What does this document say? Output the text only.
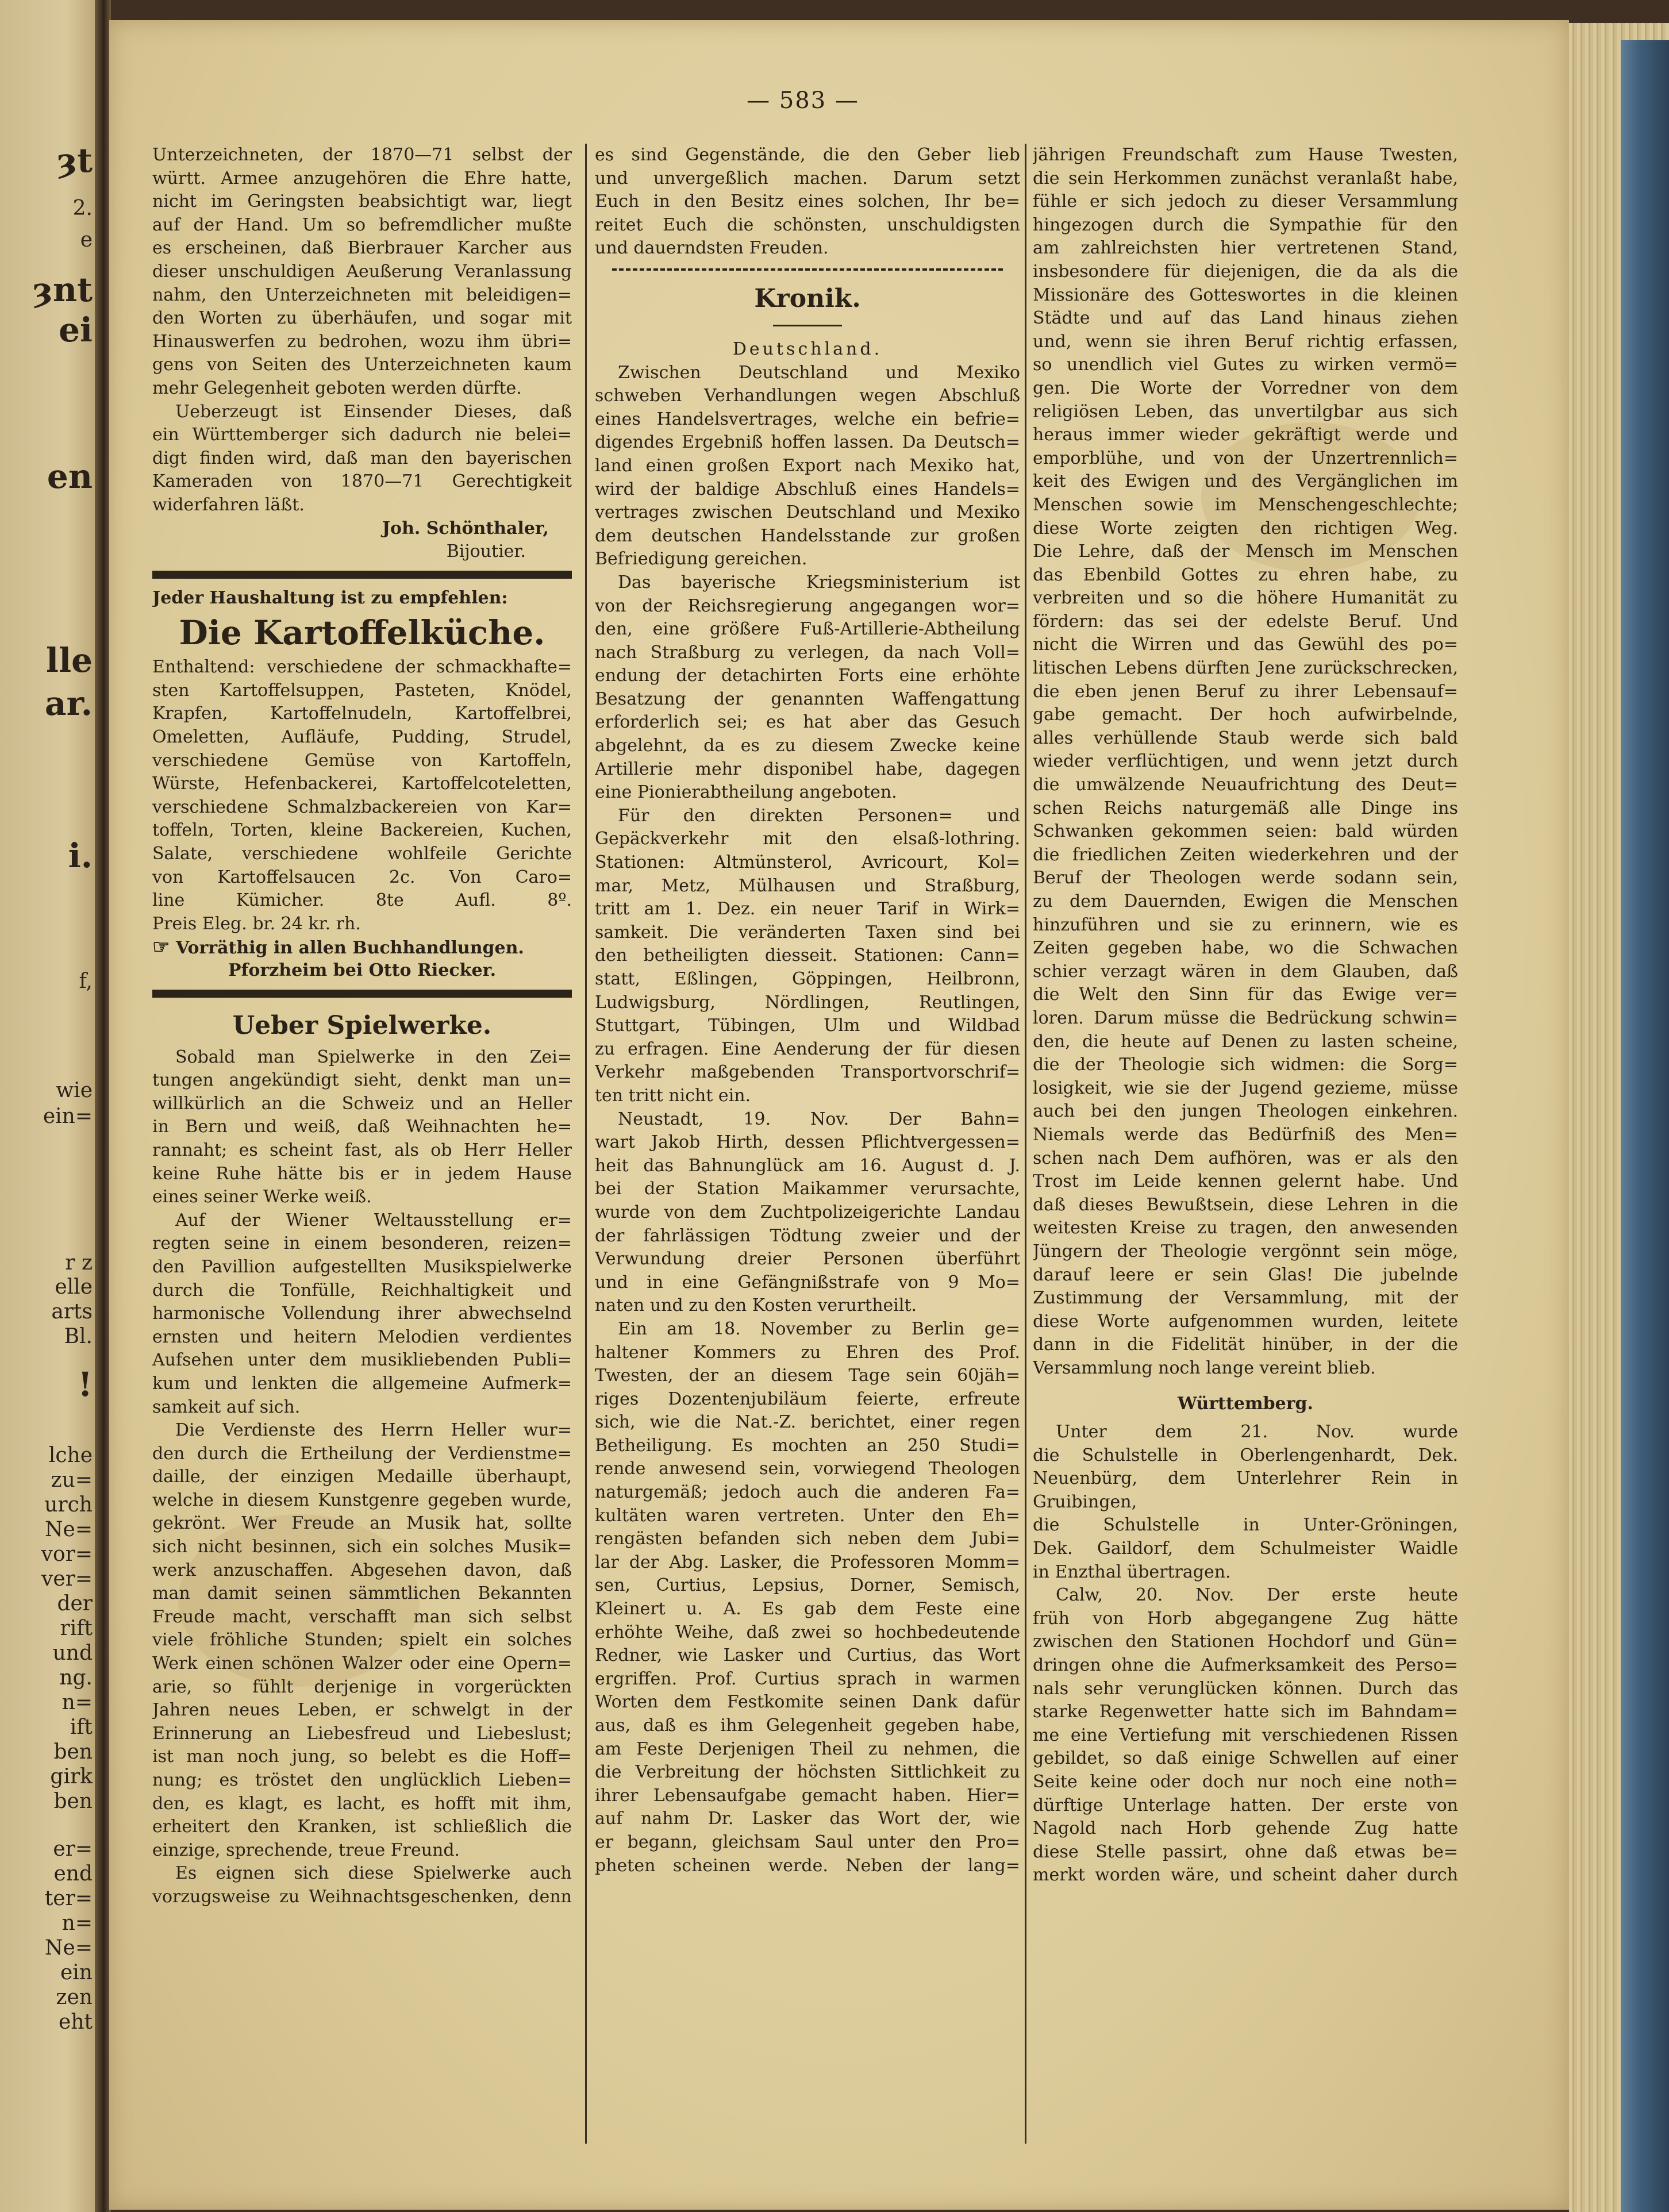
ȝt
2.
e
ȝnt
ei
en
lle
ar.
i.
f,
wie
ein=
r z
elle
arts
Bl.
!
lche
zu=
urch
Ne=
vor=
ver=
der
rift
und
ng.
n=
ift
ben
girk
ben
er=
end
ter=
n=
Ne=
ein
zen
eht
— 583 —
Unterzeichneten, der 1870—71 selbst der
württ. Armee anzugehören die Ehre hatte,
nicht im Geringsten beabsichtigt war, liegt
auf der Hand. Um so befremdlicher mußte
es erscheinen, daß Bierbrauer Karcher aus
dieser unschuldigen Aeußerung Veranlassung
nahm, den Unterzeichneten mit beleidigen=
den Worten zu überhäufen, und sogar mit
Hinauswerfen zu bedrohen, wozu ihm übri=
gens von Seiten des Unterzeichneten kaum
mehr Gelegenheit geboten werden dürfte.
Ueberzeugt ist Einsender Dieses, daß
ein Württemberger sich dadurch nie belei=
digt finden wird, daß man den bayerischen
Kameraden von 1870—71 Gerechtigkeit
widerfahren läßt.
Joh. Schönthaler,
Bijoutier.
Jeder Haushaltung ist zu empfehlen:
Die Kartoffelküche.
Enthaltend: verschiedene der schmackhafte=
sten Kartoffelsuppen, Pasteten, Knödel,
Krapfen, Kartoffelnudeln, Kartoffelbrei,
Omeletten, Aufläufe, Pudding, Strudel,
verschiedene Gemüse von Kartoffeln,
Würste, Hefenbackerei, Kartoffelcoteletten,
verschiedene Schmalzbackereien von Kar=
toffeln, Torten, kleine Backereien, Kuchen,
Salate, verschiedene wohlfeile Gerichte
von Kartoffelsaucen 2c. Von Caro=
line Kümicher. 8te Aufl. 8º.
Preis Eleg. br. 24 kr. rh.
☞ Vorräthig in allen Buchhandlungen.
Pforzheim bei Otto Riecker.
Ueber Spielwerke.
Sobald man Spielwerke in den Zei=
tungen angekündigt sieht, denkt man un=
willkürlich an die Schweiz und an Heller
in Bern und weiß, daß Weihnachten he=
rannaht; es scheint fast, als ob Herr Heller
keine Ruhe hätte bis er in jedem Hause
eines seiner Werke weiß.
Auf der Wiener Weltausstellung er=
regten seine in einem besonderen, reizen=
den Pavillion aufgestellten Musikspielwerke
durch die Tonfülle, Reichhaltigkeit und
harmonische Vollendung ihrer abwechselnd
ernsten und heitern Melodien verdientes
Aufsehen unter dem musikliebenden Publi=
kum und lenkten die allgemeine Aufmerk=
samkeit auf sich.
Die Verdienste des Herrn Heller wur=
den durch die Ertheilung der Verdienstme=
daille, der einzigen Medaille überhaupt,
welche in diesem Kunstgenre gegeben wurde,
gekrönt. Wer Freude an Musik hat, sollte
sich nicht besinnen, sich ein solches Musik=
werk anzuschaffen. Abgesehen davon, daß
man damit seinen sämmtlichen Bekannten
Freude macht, verschafft man sich selbst
viele fröhliche Stunden; spielt ein solches
Werk einen schönen Walzer oder eine Opern=
arie, so fühlt derjenige in vorgerückten
Jahren neues Leben, er schwelgt in der
Erinnerung an Liebesfreud und Liebeslust;
ist man noch jung, so belebt es die Hoff=
nung; es tröstet den unglücklich Lieben=
den, es klagt, es lacht, es hofft mit ihm,
erheitert den Kranken, ist schließlich die
einzige, sprechende, treue Freund.
Es eignen sich diese Spielwerke auch
vorzugsweise zu Weihnachtsgeschenken, denn
es sind Gegenstände, die den Geber lieb
und unvergeßlich machen. Darum setzt
Euch in den Besitz eines solchen, Ihr be=
reitet Euch die schönsten, unschuldigsten
und dauerndsten Freuden.
Kronik.
Deutschland.
Zwischen Deutschland und Mexiko
schweben Verhandlungen wegen Abschluß
eines Handelsvertrages, welche ein befrie=
digendes Ergebniß hoffen lassen. Da Deutsch=
land einen großen Export nach Mexiko hat,
wird der baldige Abschluß eines Handels=
vertrages zwischen Deutschland und Mexiko
dem deutschen Handelsstande zur großen
Befriedigung gereichen.
Das bayerische Kriegsministerium ist
von der Reichsregierung angegangen wor=
den, eine größere Fuß-Artillerie-Abtheilung
nach Straßburg zu verlegen, da nach Voll=
endung der detachirten Forts eine erhöhte
Besatzung der genannten Waffengattung
erforderlich sei; es hat aber das Gesuch
abgelehnt, da es zu diesem Zwecke keine
Artillerie mehr disponibel habe, dagegen
eine Pionierabtheilung angeboten.
Für den direkten Personen= und
Gepäckverkehr mit den elsaß-lothring.
Stationen: Altmünsterol, Avricourt, Kol=
mar, Metz, Mülhausen und Straßburg,
tritt am 1. Dez. ein neuer Tarif in Wirk=
samkeit. Die veränderten Taxen sind bei
den betheiligten diesseit. Stationen: Cann=
statt, Eßlingen, Göppingen, Heilbronn,
Ludwigsburg, Nördlingen, Reutlingen,
Stuttgart, Tübingen, Ulm und Wildbad
zu erfragen. Eine Aenderung der für diesen
Verkehr maßgebenden Transportvorschrif=
ten tritt nicht ein.
Neustadt, 19. Nov. Der Bahn=
wart Jakob Hirth, dessen Pflichtvergessen=
heit das Bahnunglück am 16. August d. J.
bei der Station Maikammer verursachte,
wurde von dem Zuchtpolizeigerichte Landau
der fahrlässigen Tödtung zweier und der
Verwundung dreier Personen überführt
und in eine Gefängnißstrafe von 9 Mo=
naten und zu den Kosten verurtheilt.
Ein am 18. November zu Berlin ge=
haltener Kommers zu Ehren des Prof.
Twesten, der an diesem Tage sein 60jäh=
riges Dozentenjubiläum feierte, erfreute
sich, wie die Nat.-Z. berichtet, einer regen
Betheiligung. Es mochten an 250 Studi=
rende anwesend sein, vorwiegend Theologen
naturgemäß; jedoch auch die anderen Fa=
kultäten waren vertreten. Unter den Eh=
rengästen befanden sich neben dem Jubi=
lar der Abg. Lasker, die Professoren Momm=
sen, Curtius, Lepsius, Dorner, Semisch,
Kleinert u. A. Es gab dem Feste eine
erhöhte Weihe, daß zwei so hochbedeutende
Redner, wie Lasker und Curtius, das Wort
ergriffen. Prof. Curtius sprach in warmen
Worten dem Festkomite seinen Dank dafür
aus, daß es ihm Gelegenheit gegeben habe,
am Feste Derjenigen Theil zu nehmen, die
die Verbreitung der höchsten Sittlichkeit zu
ihrer Lebensaufgabe gemacht haben. Hier=
auf nahm Dr. Lasker das Wort der, wie
er begann, gleichsam Saul unter den Pro=
pheten scheinen werde. Neben der lang=
jährigen Freundschaft zum Hause Twesten,
die sein Herkommen zunächst veranlaßt habe,
fühle er sich jedoch zu dieser Versammlung
hingezogen durch die Sympathie für den
am zahlreichsten hier vertretenen Stand,
insbesondere für diejenigen, die da als die
Missionäre des Gotteswortes in die kleinen
Städte und auf das Land hinaus ziehen
und, wenn sie ihren Beruf richtig erfassen,
so unendlich viel Gutes zu wirken vermö=
gen. Die Worte der Vorredner von dem
religiösen Leben, das unvertilgbar aus sich
heraus immer wieder gekräftigt werde und
emporblühe, und von der Unzertrennlich=
keit des Ewigen und des Vergänglichen im
Menschen sowie im Menschengeschlechte;
diese Worte zeigten den richtigen Weg.
Die Lehre, daß der Mensch im Menschen
das Ebenbild Gottes zu ehren habe, zu
verbreiten und so die höhere Humanität zu
fördern: das sei der edelste Beruf. Und
nicht die Wirren und das Gewühl des po=
litischen Lebens dürften Jene zurückschrecken,
die eben jenen Beruf zu ihrer Lebensauf=
gabe gemacht. Der hoch aufwirbelnde,
alles verhüllende Staub werde sich bald
wieder verflüchtigen, und wenn jetzt durch
die umwälzende Neuaufrichtung des Deut=
schen Reichs naturgemäß alle Dinge ins
Schwanken gekommen seien: bald würden
die friedlichen Zeiten wiederkehren und der
Beruf der Theologen werde sodann sein,
zu dem Dauernden, Ewigen die Menschen
hinzuführen und sie zu erinnern, wie es
Zeiten gegeben habe, wo die Schwachen
schier verzagt wären in dem Glauben, daß
die Welt den Sinn für das Ewige ver=
loren. Darum müsse die Bedrückung schwin=
den, die heute auf Denen zu lasten scheine,
die der Theologie sich widmen: die Sorg=
losigkeit, wie sie der Jugend gezieme, müsse
auch bei den jungen Theologen einkehren.
Niemals werde das Bedürfniß des Men=
schen nach Dem aufhören, was er als den
Trost im Leide kennen gelernt habe. Und
daß dieses Bewußtsein, diese Lehren in die
weitesten Kreise zu tragen, den anwesenden
Jüngern der Theologie vergönnt sein möge,
darauf leere er sein Glas! Die jubelnde
Zustimmung der Versammlung, mit der
diese Worte aufgenommen wurden, leitete
dann in die Fidelität hinüber, in der die
Versammlung noch lange vereint blieb.
Württemberg.
Unter dem 21. Nov. wurde
die Schulstelle in Oberlengenhardt, Dek.
Neuenbürg, dem Unterlehrer Rein in
Gruibingen,
die Schulstelle in Unter-Gröningen,
Dek. Gaildorf, dem Schulmeister Waidle
in Enzthal übertragen.
Calw, 20. Nov. Der erste heute
früh von Horb abgegangene Zug hätte
zwischen den Stationen Hochdorf und Gün=
dringen ohne die Aufmerksamkeit des Perso=
nals sehr verunglücken können. Durch das
starke Regenwetter hatte sich im Bahndam=
me eine Vertiefung mit verschiedenen Rissen
gebildet, so daß einige Schwellen auf einer
Seite keine oder doch nur noch eine noth=
dürftige Unterlage hatten. Der erste von
Nagold nach Horb gehende Zug hatte
diese Stelle passirt, ohne daß etwas be=
merkt worden wäre, und scheint daher durch
